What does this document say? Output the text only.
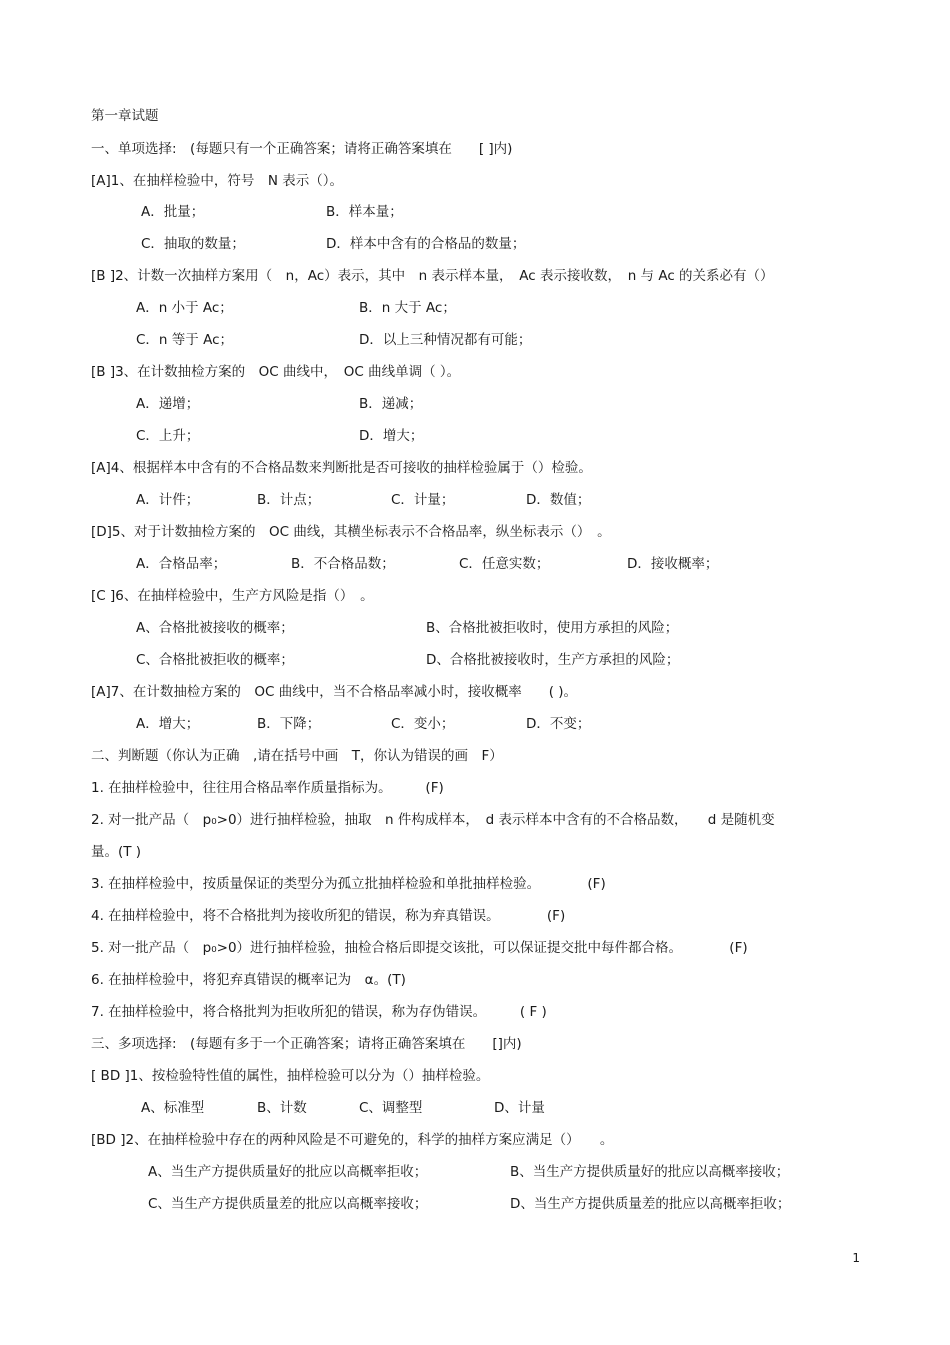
第一章试题
一、单项选择:　(每题只有一个正确答案；请将正确答案填在　　[ ]内)
[A]1、在抽样检验中，符号　N 表示（）。
A．批量；	B．样本量；
C．抽取的数量；	D．样本中含有的合格品的数量；
[B ]2、计数一次抽样方案用（　n，Ac）表示，其中　n 表示样本量，　Ac 表示接收数，　n 与 Ac 的关系必有（）
A．n 小于 Ac；	B．n 大于 Ac；
C．n 等于 Ac；	D．以上三种情况都有可能；
[B ]3、在计数抽检方案的　OC 曲线中，　OC 曲线单调（ ）。
A．递增；	B．递减；
C．上升；	D．增大；
[A]4、根据样本中含有的不合格品数来判断批是否可接收的抽样检验属于（）检验。
A．计件；	B．计点；	C．计量；	D．数值；
[D]5、对于计数抽检方案的　OC 曲线，其横坐标表示不合格品率，纵坐标表示（）　。
A．合格品率；	B．不合格品数；	C．任意实数；	D．接收概率；
[C ]6、在抽样检验中，生产方风险是指（）　。
A、合格批被接收的概率；	B、合格批被拒收时，使用方承担的风险；
C、合格批被拒收的概率；	D、合格批被接收时，生产方承担的风险；
[A]7、在计数抽检方案的　OC 曲线中，当不合格品率减小时，接收概率　　( )。
A．增大；	B．下降；	C．变小；	D．不变；
二、判断题（你认为正确　,请在括号中画　T，你认为错误的画　F）
1. 在抽样检验中，往往用合格品率作质量指标为。　　　(F)
2. 对一批产品（　p₀>0）进行抽样检验，抽取　n 件构成样本，　d 表示样本中含有的不合格品数，　　d 是随机变
量。(T )
3. 在抽样检验中，按质量保证的类型分为孤立批抽样检验和单批抽样检验。　　　　(F)
4. 在抽样检验中，将不合格批判为接收所犯的错误，称为弃真错误。　　　　(F)
5. 对一批产品（　p₀>0）进行抽样检验，抽检合格后即提交该批，可以保证提交批中每件都合格。　　　　(F)
6. 在抽样检验中，将犯弃真错误的概率记为　α。(T)
7. 在抽样检验中，将合格批判为拒收所犯的错误，称为存伪错误。　　　( F )
三、多项选择:　(每题有多于一个正确答案；请将正确答案填在　　[]内)
[ BD ]1、按检验特性值的属性，抽样检验可以分为（）抽样检验。
A、标准型	B、计数	C、调整型	D、计量
[BD ]2、在抽样检验中存在的两种风险是不可避免的，科学的抽样方案应满足（）　　。
A、当生产方提供质量好的批应以高概率拒收；	B、当生产方提供质量好的批应以高概率接收；
C、当生产方提供质量差的批应以高概率接收；	D、当生产方提供质量差的批应以高概率拒收；
1
